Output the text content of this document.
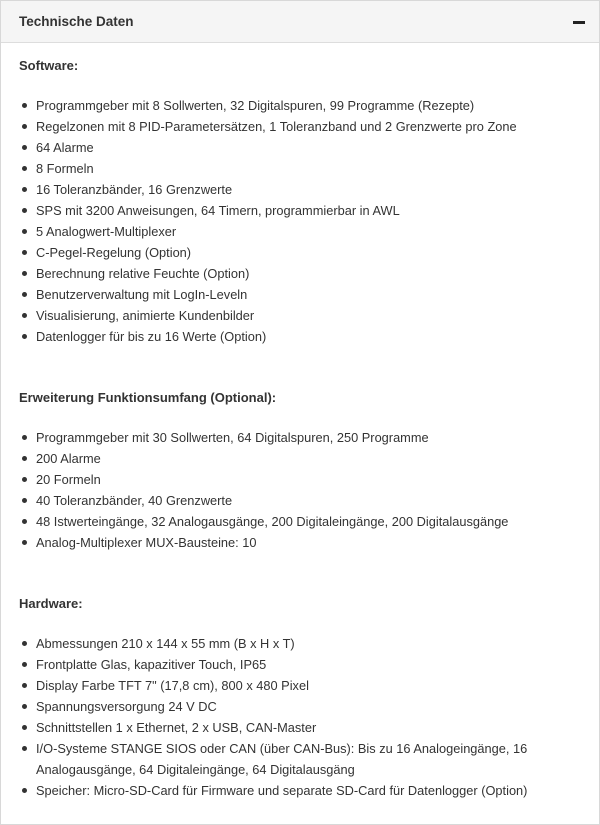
Technische Daten

Software:

Programmgeber mit 8 Sollwerten, 32 Digitalspuren, 99 Programme (Rezepte)
Regelzonen mit 8 PID-Parametersätzen, 1 Toleranzband und 2 Grenzwerte pro Zone
64 Alarme
8 Formeln
16 Toleranzbänder, 16 Grenzwerte
SPS mit 3200 Anweisungen, 64 Timern, programmierbar in AWL
5 Analogwert-Multiplexer
C-Pegel-Regelung (Option)
Berechnung relative Feuchte (Option)
Benutzerverwaltung mit LogIn-Leveln
Visualisierung, animierte Kundenbilder
Datenlogger für bis zu 16 Werte (Option)

Erweiterung Funktionsumfang (Optional):

Programmgeber mit 30 Sollwerten, 64 Digitalspuren, 250 Programme
200 Alarme
20 Formeln
40 Toleranzbänder, 40 Grenzwerte
48 Istwerteingänge, 32 Analogausgänge, 200 Digitaleingänge, 200 Digitalausgänge
Analog-Multiplexer MUX-Bausteine: 10

Hardware:

Abmessungen 210 x 144 x 55 mm (B x H x T)
Frontplatte Glas, kapazitiver Touch, IP65
Display Farbe TFT 7" (17,8 cm), 800 x 480 Pixel
Spannungsversorgung 24 V DC
Schnittstellen 1 x Ethernet, 2 x USB, CAN-Master
I/O-Systeme STANGE SIOS oder CAN (über CAN-Bus): Bis zu 16 Analogeingänge, 16 Analogausgänge, 64 Digitaleingänge, 64 Digitalausgäng
Speicher: Micro-SD-Card für Firmware und separate SD-Card für Datenlogger (Option)
